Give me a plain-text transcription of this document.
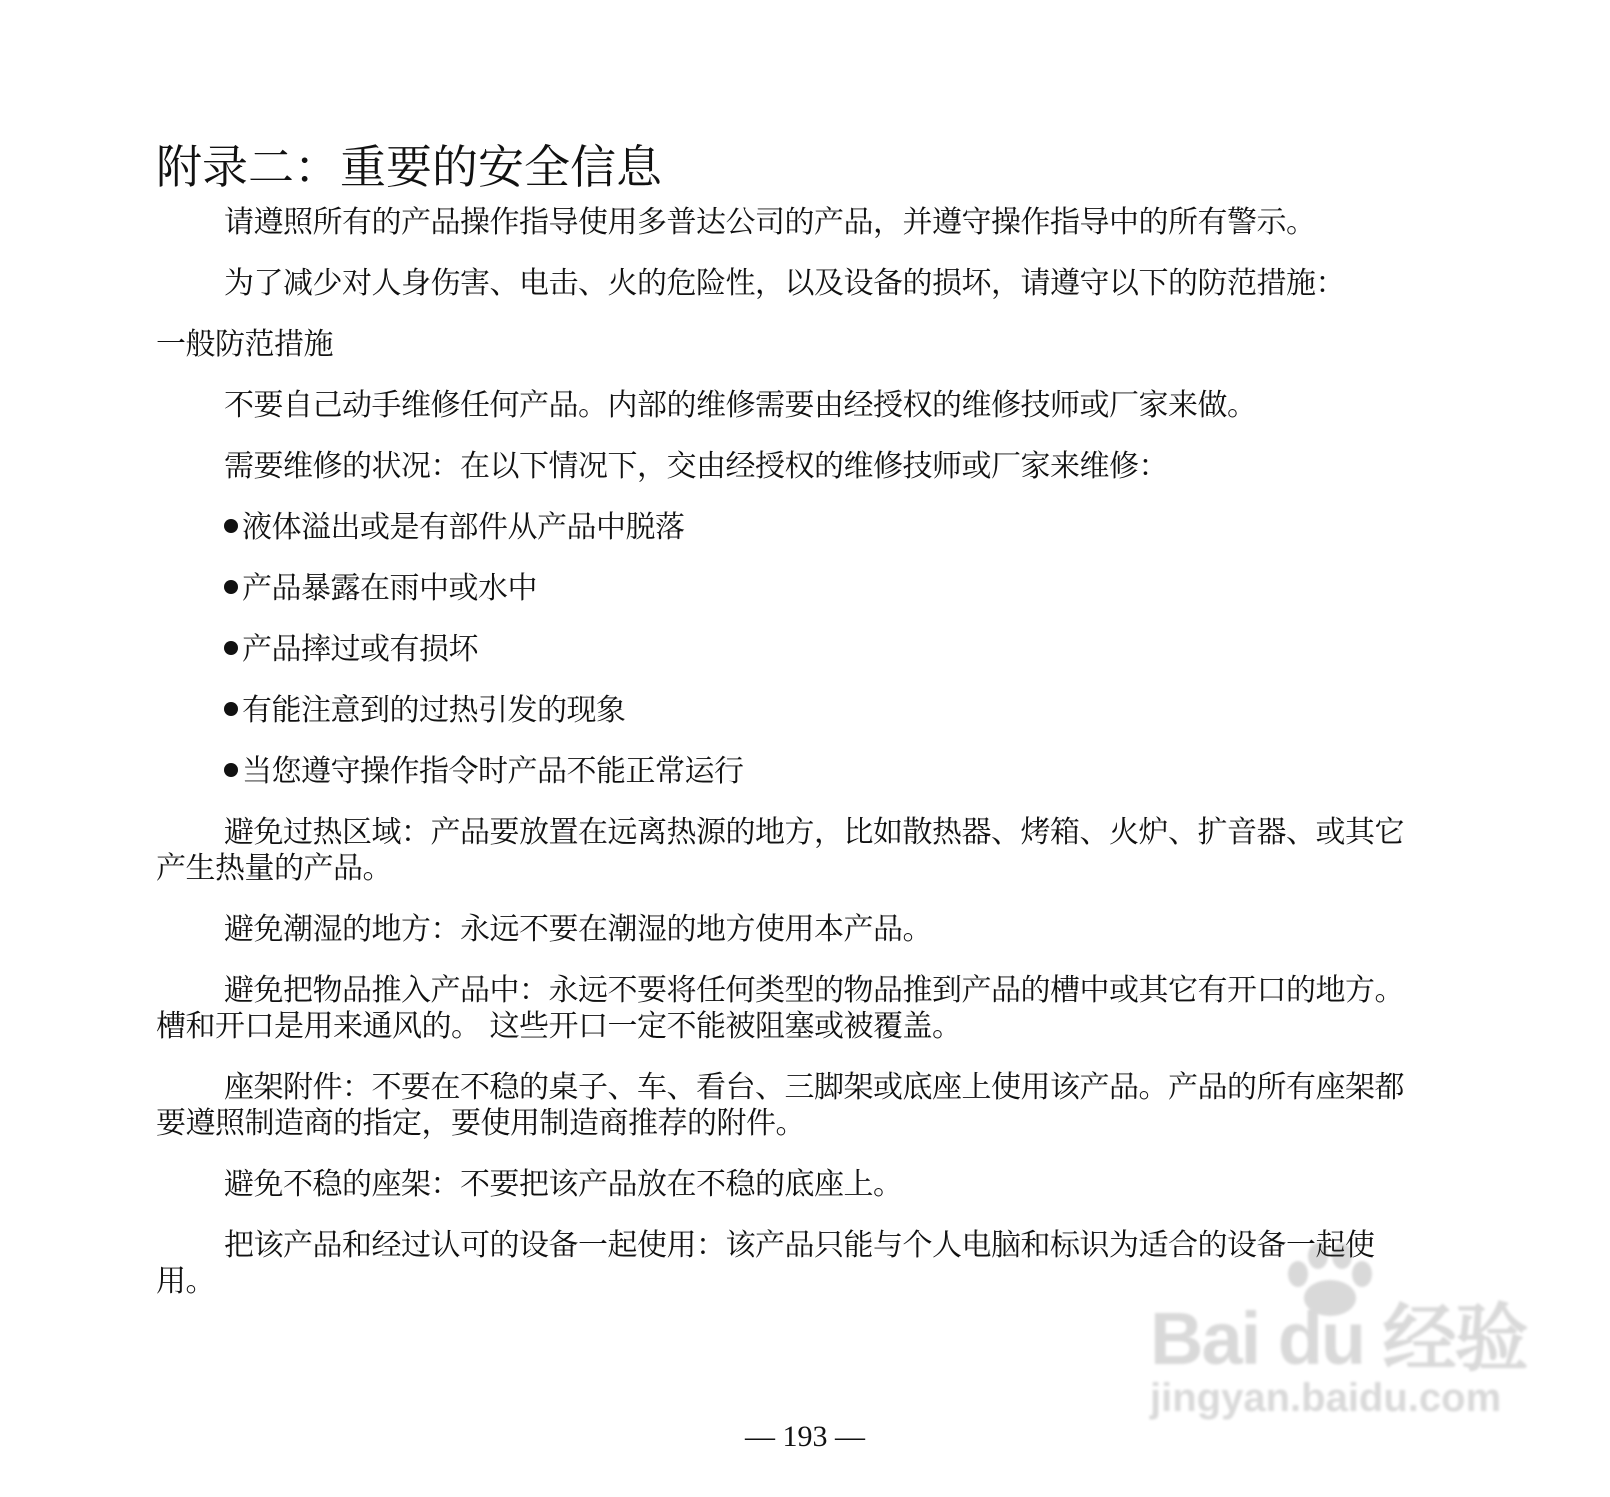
附录二：重要的安全信息

请遵照所有的产品操作指导使用多普达公司的产品，并遵守操作指导中的所有警示。

为了减少对人身伤害、电击、火的危险性，以及设备的损坏，请遵守以下的防范措施：

一般防范措施

不要自己动手维修任何产品。内部的维修需要由经授权的维修技师或厂家来做。

需要维修的状况：在以下情况下，交由经授权的维修技师或厂家来维修：

液体溢出或是有部件从产品中脱落

产品暴露在雨中或水中

产品摔过或有损坏

有能注意到的过热引发的现象

当您遵守操作指令时产品不能正常运行

避免过热区域：产品要放置在远离热源的地方，比如散热器、烤箱、火炉、扩音器、或其它产生热量的产品。

避免潮湿的地方：永远不要在潮湿的地方使用本产品。

避免把物品推入产品中：永远不要将任何类型的物品推到产品的槽中或其它有开口的地方。槽和开口是用来通风的。 这些开口一定不能被阻塞或被覆盖。

座架附件：不要在不稳的桌子、车、看台、三脚架或底座上使用该产品。产品的所有座架都要遵照制造商的指定，要使用制造商推荐的附件。

避免不稳的座架：不要把该产品放在不稳的底座上。

把该产品和经过认可的设备一起使用：该产品只能与个人电脑和标识为适合的设备一起使用。

Bai du 经验
jingyan.baidu.com
— 193 —
